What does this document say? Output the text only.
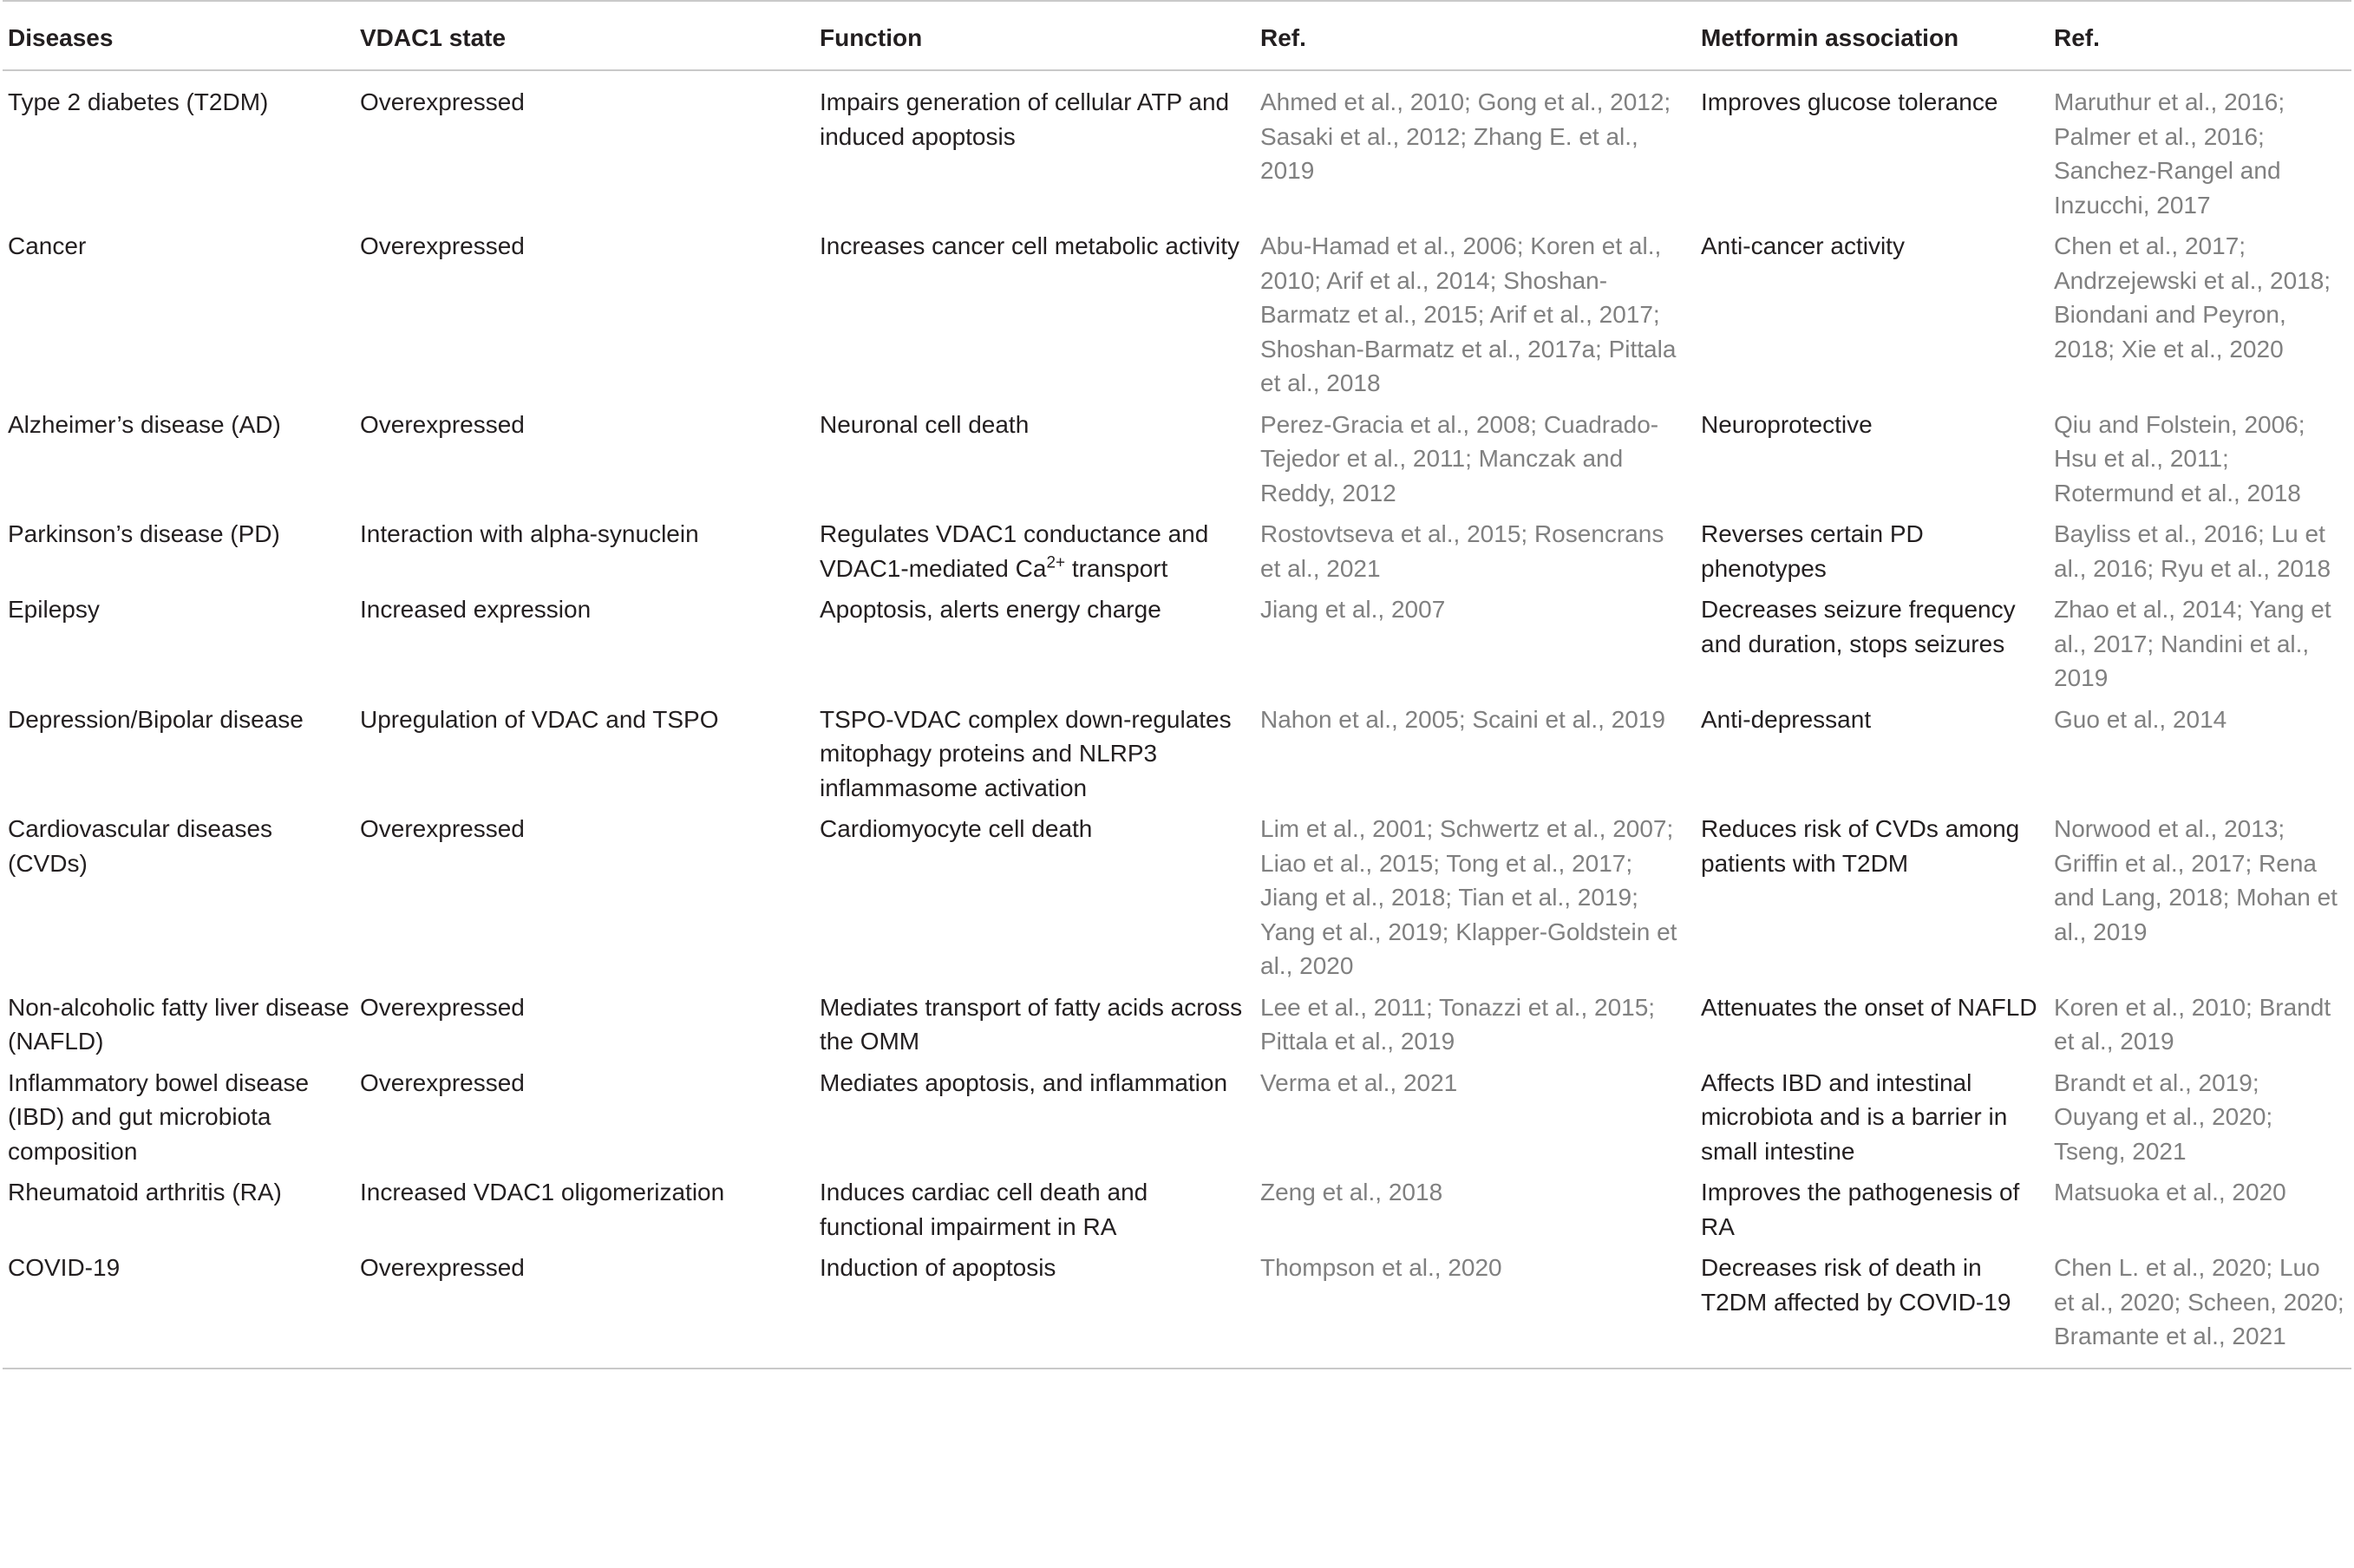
Diseases	VDAC1 state	Function	Ref.	Metformin association	Ref.
Type 2 diabetes (T2DM)	Overexpressed	Impairs generation of cellular ATP and induced apoptosis	Ahmed et al., 2010; Gong et al., 2012; Sasaki et al., 2012; Zhang E. et al., 2019	Improves glucose tolerance	Maruthur et al., 2016; Palmer et al., 2016; Sanchez-Rangel and Inzucchi, 2017
Cancer	Overexpressed	Increases cancer cell metabolic activity	Abu-Hamad et al., 2006; Koren et al., 2010; Arif et al., 2014; Shoshan-Barmatz et al., 2015; Arif et al., 2017; Shoshan-Barmatz et al., 2017a; Pittala et al., 2018	Anti-cancer activity	Chen et al., 2017; Andrzejewski et al., 2018; Biondani and Peyron, 2018; Xie et al., 2020
Alzheimer’s disease (AD)	Overexpressed	Neuronal cell death	Perez-Gracia et al., 2008; Cuadrado-Tejedor et al., 2011; Manczak and Reddy, 2012	Neuroprotective	Qiu and Folstein, 2006; Hsu et al., 2011; Rotermund et al., 2018
Parkinson’s disease (PD)	Interaction with alpha-synuclein	Regulates VDAC1 conductance and VDAC1-mediated $Ca^{2+}$ transport	Rostovtseva et al., 2015; Rosencrans et al., 2021	Reverses certain PD phenotypes	Bayliss et al., 2016; Lu et al., 2016; Ryu et al., 2018
Epilepsy	Increased expression	Apoptosis, alerts energy charge	Jiang et al., 2007	Decreases seizure frequency and duration, stops seizures	Zhao et al., 2014; Yang et al., 2017; Nandini et al., 2019
Depression/Bipolar disease	Upregulation of VDAC and TSPO	TSPO-VDAC complex down-regulates mitophagy proteins and NLRP3 inflammasome activation	Nahon et al., 2005; Scaini et al., 2019	Anti-depressant	Guo et al., 2014
Cardiovascular diseases (CVDs)	Overexpressed	Cardiomyocyte cell death	Lim et al., 2001; Schwertz et al., 2007; Liao et al., 2015; Tong et al., 2017; Jiang et al., 2018; Tian et al., 2019; Yang et al., 2019; Klapper-Goldstein et al., 2020	Reduces risk of CVDs among patients with T2DM	Norwood et al., 2013; Griffin et al., 2017; Rena and Lang, 2018; Mohan et al., 2019
Non-alcoholic fatty liver disease (NAFLD)	Overexpressed	Mediates transport of fatty acids across the OMM	Lee et al., 2011; Tonazzi et al., 2015; Pittala et al., 2019	Attenuates the onset of NAFLD	Koren et al., 2010; Brandt et al., 2019
Inflammatory bowel disease (IBD) and gut microbiota composition	Overexpressed	Mediates apoptosis, and inflammation	Verma et al., 2021	Affects IBD and intestinal microbiota and is a barrier in small intestine	Brandt et al., 2019; Ouyang et al., 2020; Tseng, 2021
Rheumatoid arthritis (RA)	Increased VDAC1 oligomerization	Induces cardiac cell death and functional impairment in RA	Zeng et al., 2018	Improves the pathogenesis of RA	Matsuoka et al., 2020
COVID-19	Overexpressed	Induction of apoptosis	Thompson et al., 2020	Decreases risk of death in T2DM affected by COVID-19	Chen L. et al., 2020; Luo et al., 2020; Scheen, 2020; Bramante et al., 2021
